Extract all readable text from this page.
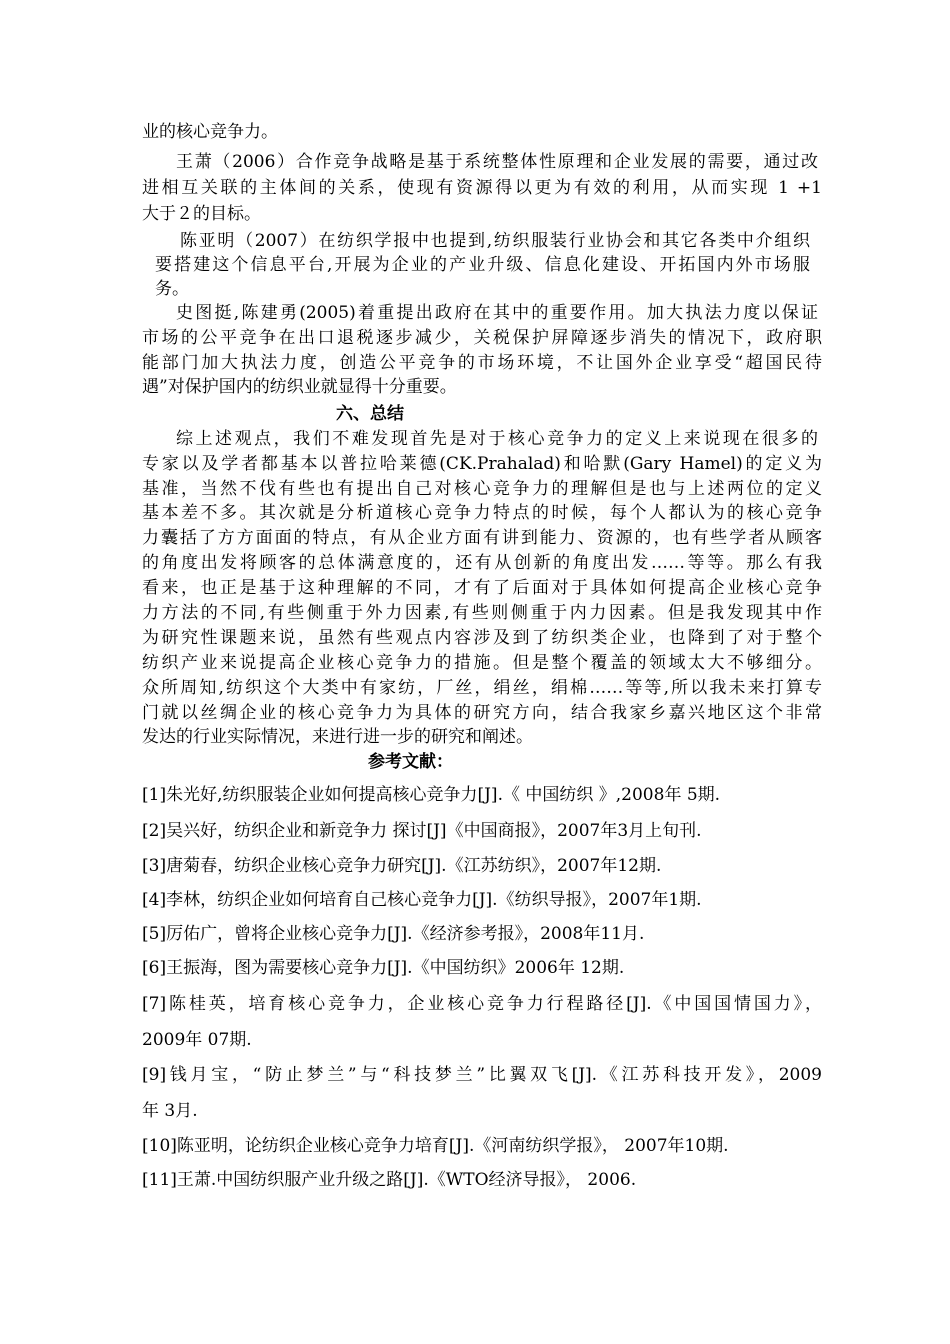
业的核心竞争力。
王萧（2006）合作竞争战略是基于系统整体性原理和企业发展的需要，通过改
进相互关联的主体间的关系，使现有资源得以更为有效的利用，从而实现 1 +1
大于２的目标。
陈亚明（2007）在纺织学报中也提到,纺织服装行业协会和其它各类中介组织
要搭建这个信息平台,开展为企业的产业升级、信息化建设、开拓国内外市场服
务。
史图挺,陈建勇(2005)着重提出政府在其中的重要作用。加大执法力度以保证
市场的公平竞争在出口退税逐步减少，关税保护屏障逐步消失的情况下，政府职
能部门加大执法力度，创造公平竞争的市场环境，不让国外企业享受“超国民待
遇”对保护国内的纺织业就显得十分重要。
六、总结
综上述观点，我们不难发现首先是对于核心竞争力的定义上来说现在很多的
专家以及学者都基本以普拉哈莱德(CK.Prahalad)和哈默(Gary Hamel)的定义为
基准，当然不伐有些也有提出自己对核心竞争力的理解但是也与上述两位的定义
基本差不多。其次就是分析道核心竞争力特点的时候，每个人都认为的核心竞争
力囊括了方方面面的特点，有从企业方面有讲到能力、资源的，也有些学者从顾客
的角度出发将顾客的总体满意度的，还有从创新的角度出发……等等。那么有我
看来，也正是基于这种理解的不同，才有了后面对于具体如何提高企业核心竞争
力方法的不同,有些侧重于外力因素,有些则侧重于内力因素。但是我发现其中作
为研究性课题来说，虽然有些观点内容涉及到了纺织类企业，也降到了对于整个
纺织产业来说提高企业核心竞争力的措施。但是整个覆盖的领域太大不够细分。
众所周知,纺织这个大类中有家纺，厂丝，绢丝，绢棉……等等,所以我未来打算专
门就以丝绸企业的核心竞争力为具体的研究方向，结合我家乡嘉兴地区这个非常
发达的行业实际情况，来进行进一步的研究和阐述。
参考文献：
[1]朱光好,纺织服装企业如何提高核心竞争力[J].《 中国纺织 》,2008年 5期.
[2]吴兴好，纺织企业和新竞争力 探讨[J]《中国商报》，2007年3月上旬刊.
[3]唐菊春，纺织企业核心竞争力研究[J].《江苏纺织》，2007年12期.
[4]李林，纺织企业如何培育自己核心竞争力[J].《纺织导报》，2007年1期.
[5]厉佑广，曾将企业核心竞争力[J].《经济参考报》，2008年11月.
[6]王振海，图为需要核心竞争力[J].《中国纺织》2006年 12期.
[7]陈桂英，培育核心竞争力，企业核心竞争力行程路径[J].《中国国情国力》，
2009年 07期.
[9]钱月宝，“防止梦兰”与“科技梦兰”比翼双飞[J].《江苏科技开发》，2009
年 3月.
[10]陈亚明，论纺织企业核心竞争力培育[J].《河南纺织学报》， 2007年10期.
[11]王萧.中国纺织服产业升级之路[J].《WTO经济导报》， 2006.
